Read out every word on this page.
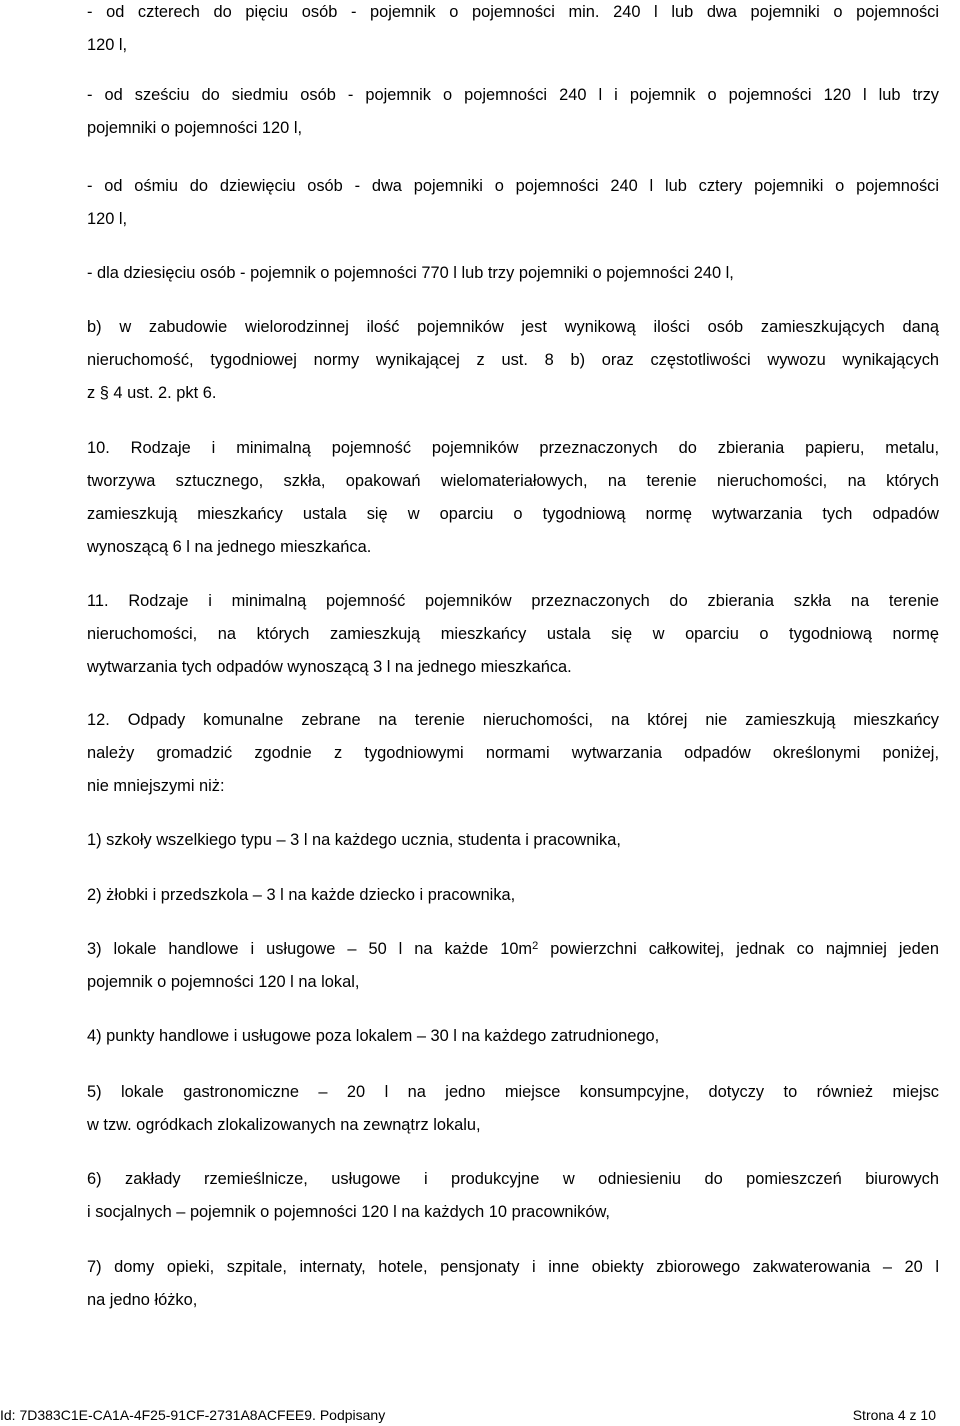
- od czterech do pięciu osób - pojemnik o pojemności min. 240 l lub dwa pojemniki o pojemności
120 l,
- od sześciu do siedmiu osób - pojemnik o pojemności 240 l i pojemnik o pojemności 120 l lub trzy
pojemniki o pojemności 120 l,
- od ośmiu do dziewięciu osób - dwa pojemniki o pojemności 240 l lub cztery pojemniki o pojemności
120 l,
- dla dziesięciu osób - pojemnik o pojemności 770 l lub trzy pojemniki o pojemności 240 l,
b) w zabudowie wielorodzinnej ilość pojemników jest wynikową ilości osób zamieszkujących daną
nieruchomość, tygodniowej normy wynikającej z ust. 8 b) oraz częstotliwości wywozu wynikających
z § 4 ust. 2. pkt 6.
10. Rodzaje i minimalną pojemność pojemników przeznaczonych do zbierania papieru, metalu,
tworzywa sztucznego, szkła, opakowań wielomateriałowych, na terenie nieruchomości, na których
zamieszkują mieszkańcy ustala się w oparciu o tygodniową normę wytwarzania tych odpadów
wynoszącą 6 l na jednego mieszkańca.
11. Rodzaje i minimalną pojemność pojemników przeznaczonych do zbierania szkła na terenie
nieruchomości, na których zamieszkują mieszkańcy ustala się w oparciu o tygodniową normę
wytwarzania tych odpadów wynoszącą 3 l na jednego mieszkańca.
12. Odpady komunalne zebrane na terenie nieruchomości, na której nie zamieszkują mieszkańcy
należy gromadzić zgodnie z tygodniowymi normami wytwarzania odpadów określonymi poniżej,
nie mniejszymi niż:
1) szkoły wszelkiego typu – 3 l na każdego ucznia, studenta i pracownika,
2) żłobki i przedszkola – 3 l na każde dziecko i pracownika,
3) lokale handlowe i usługowe – 50 l na każde $10m^2$ powierzchni całkowitej, jednak co najmniej jeden
pojemnik o pojemności 120 l na lokal,
4) punkty handlowe i usługowe poza lokalem – 30 l na każdego zatrudnionego,
5) lokale gastronomiczne – 20 l na jedno miejsce konsumpcyjne, dotyczy to również miejsc
w tzw. ogródkach zlokalizowanych na zewnątrz lokalu,
6) zakłady rzemieślnicze, usługowe i produkcyjne w odniesieniu do pomieszczeń biurowych
i socjalnych – pojemnik o pojemności 120 l na każdych 10 pracowników,
7) domy opieki, szpitale, internaty, hotele, pensjonaty i inne obiekty zbiorowego zakwaterowania – 20 l
na jedno łóżko,
Id: 7D383C1E-CA1A-4F25-91CF-2731A8ACFEE9. Podpisany	Strona 4 z 10
